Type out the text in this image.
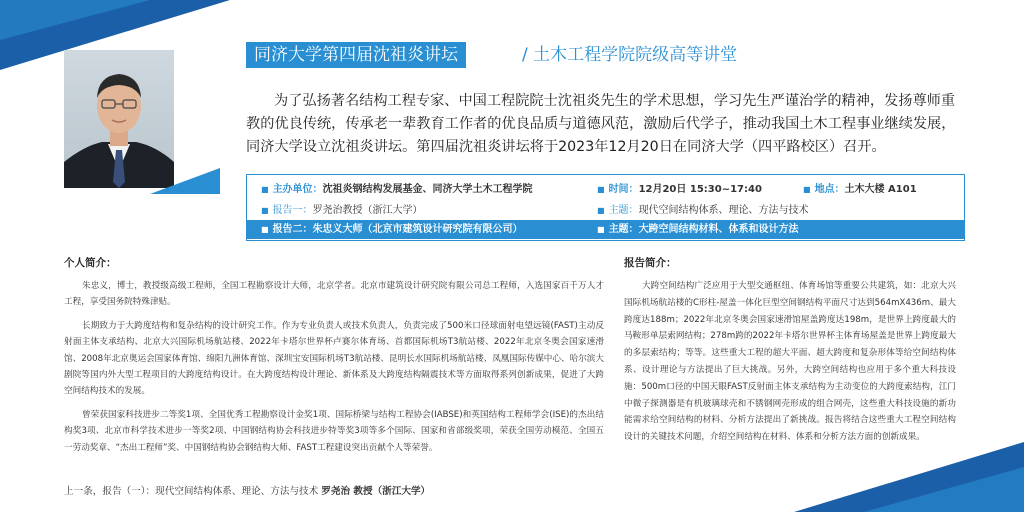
同济大学第四届沈祖炎讲坛	/ 土木工程学院院级高等讲堂

为了弘扬著名结构工程专家、中国工程院院士沈祖炎先生的学术思想，学习先生严谨治学的精神，发扬尊师重教的优良传统，传承老一辈教育工作者的优良品质与道德风范，激励后代学子，推动我国土木工程事业继续发展，同济大学设立沈祖炎讲坛。第四届沈祖炎讲坛将于2023年12月20日在同济大学（四平路校区）召开。

■ 主办单位：沈祖炎钢结构发展基金、同济大学土木工程学院	■ 时间：12月20日 15:30~17:40	■ 地点：土木大楼 A101
■ 报告一：罗尧治教授（浙江大学）	■ 主题：现代空间结构体系、理论、方法与技术
■ 报告二：朱忠义大师（北京市建筑设计研究院有限公司）	■ 主题：大跨空间结构材料、体系和设计方法
个人简介：

朱忠义，博士，教授级高级工程师，全国工程勘察设计大师，北京学者。北京市建筑设计研究院有限公司总工程师，入选国家百千万人才工程，享受国务院特殊津贴。

长期致力于大跨度结构和复杂结构的设计研究工作。作为专业负责人或技术负责人，负责完成了500米口径球面射电望远镜(FAST)主动反射面主体支承结构、北京大兴国际机场航站楼、2022年卡塔尔世界杯卢赛尔体育场、首都国际机场T3航站楼、2022年北京冬奥会国家速滑馆、2008年北京奥运会国家体育馆、绵阳九洲体育馆、深圳宝安国际机场T3航站楼、昆明长水国际机场航站楼、凤凰国际传媒中心、哈尔滨大剧院等国内外大型工程项目的大跨度结构设计。在大跨度结构设计理论、新体系及大跨度结构隔震技术等方面取得系列创新成果，促进了大跨空间结构技术的发展。

曾荣获国家科技进步二等奖1项、全国优秀工程勘察设计金奖1项、国际桥梁与结构工程协会(IABSE)和英国结构工程师学会(ISE)的杰出结构奖3项、北京市科学技术进步一等奖2项、中国钢结构协会科技进步特等奖3项等多个国际、国家和省部级奖项，荣获全国劳动模范、全国五一劳动奖章、“杰出工程师”奖、中国钢结构协会钢结构大师、FAST工程建设突出贡献个人等荣誉。

报告简介：

大跨空间结构广泛应用于大型交通枢纽、体育场馆等重要公共建筑，如：北京大兴国际机场航站楼的C形柱-屋盖一体化巨型空间钢结构平面尺寸达到564mX436m、最大跨度达188m；2022年北京冬奥会国家速滑馆屋盖跨度达198m，是世界上跨度最大的马鞍形单层索网结构；278m跨的2022年卡塔尔世界杯主体育场屋盖是世界上跨度最大的多层索结构；等等。这些重大工程的超大平面、超大跨度和复杂形体等给空间结构体系、设计理论与方法提出了巨大挑战。另外，大跨空间结构也应用于多个重大科技设施：500m口径的中国天眼FAST反射面主体支承结构为主动变位的大跨度索结构，江门中微子探测器是有机玻璃球壳和不锈钢网壳形成的组合网壳，这些重大科技设施的新功能需求给空间结构的材料、分析方法提出了新挑战。报告将结合这些重大工程空间结构设计的关键技术问题，介绍空间结构在材料、体系和分析方法方面的创新成果。

上一条，报告（一）：现代空间结构体系、理论、方法与技术 罗尧治 教授（浙江大学）
